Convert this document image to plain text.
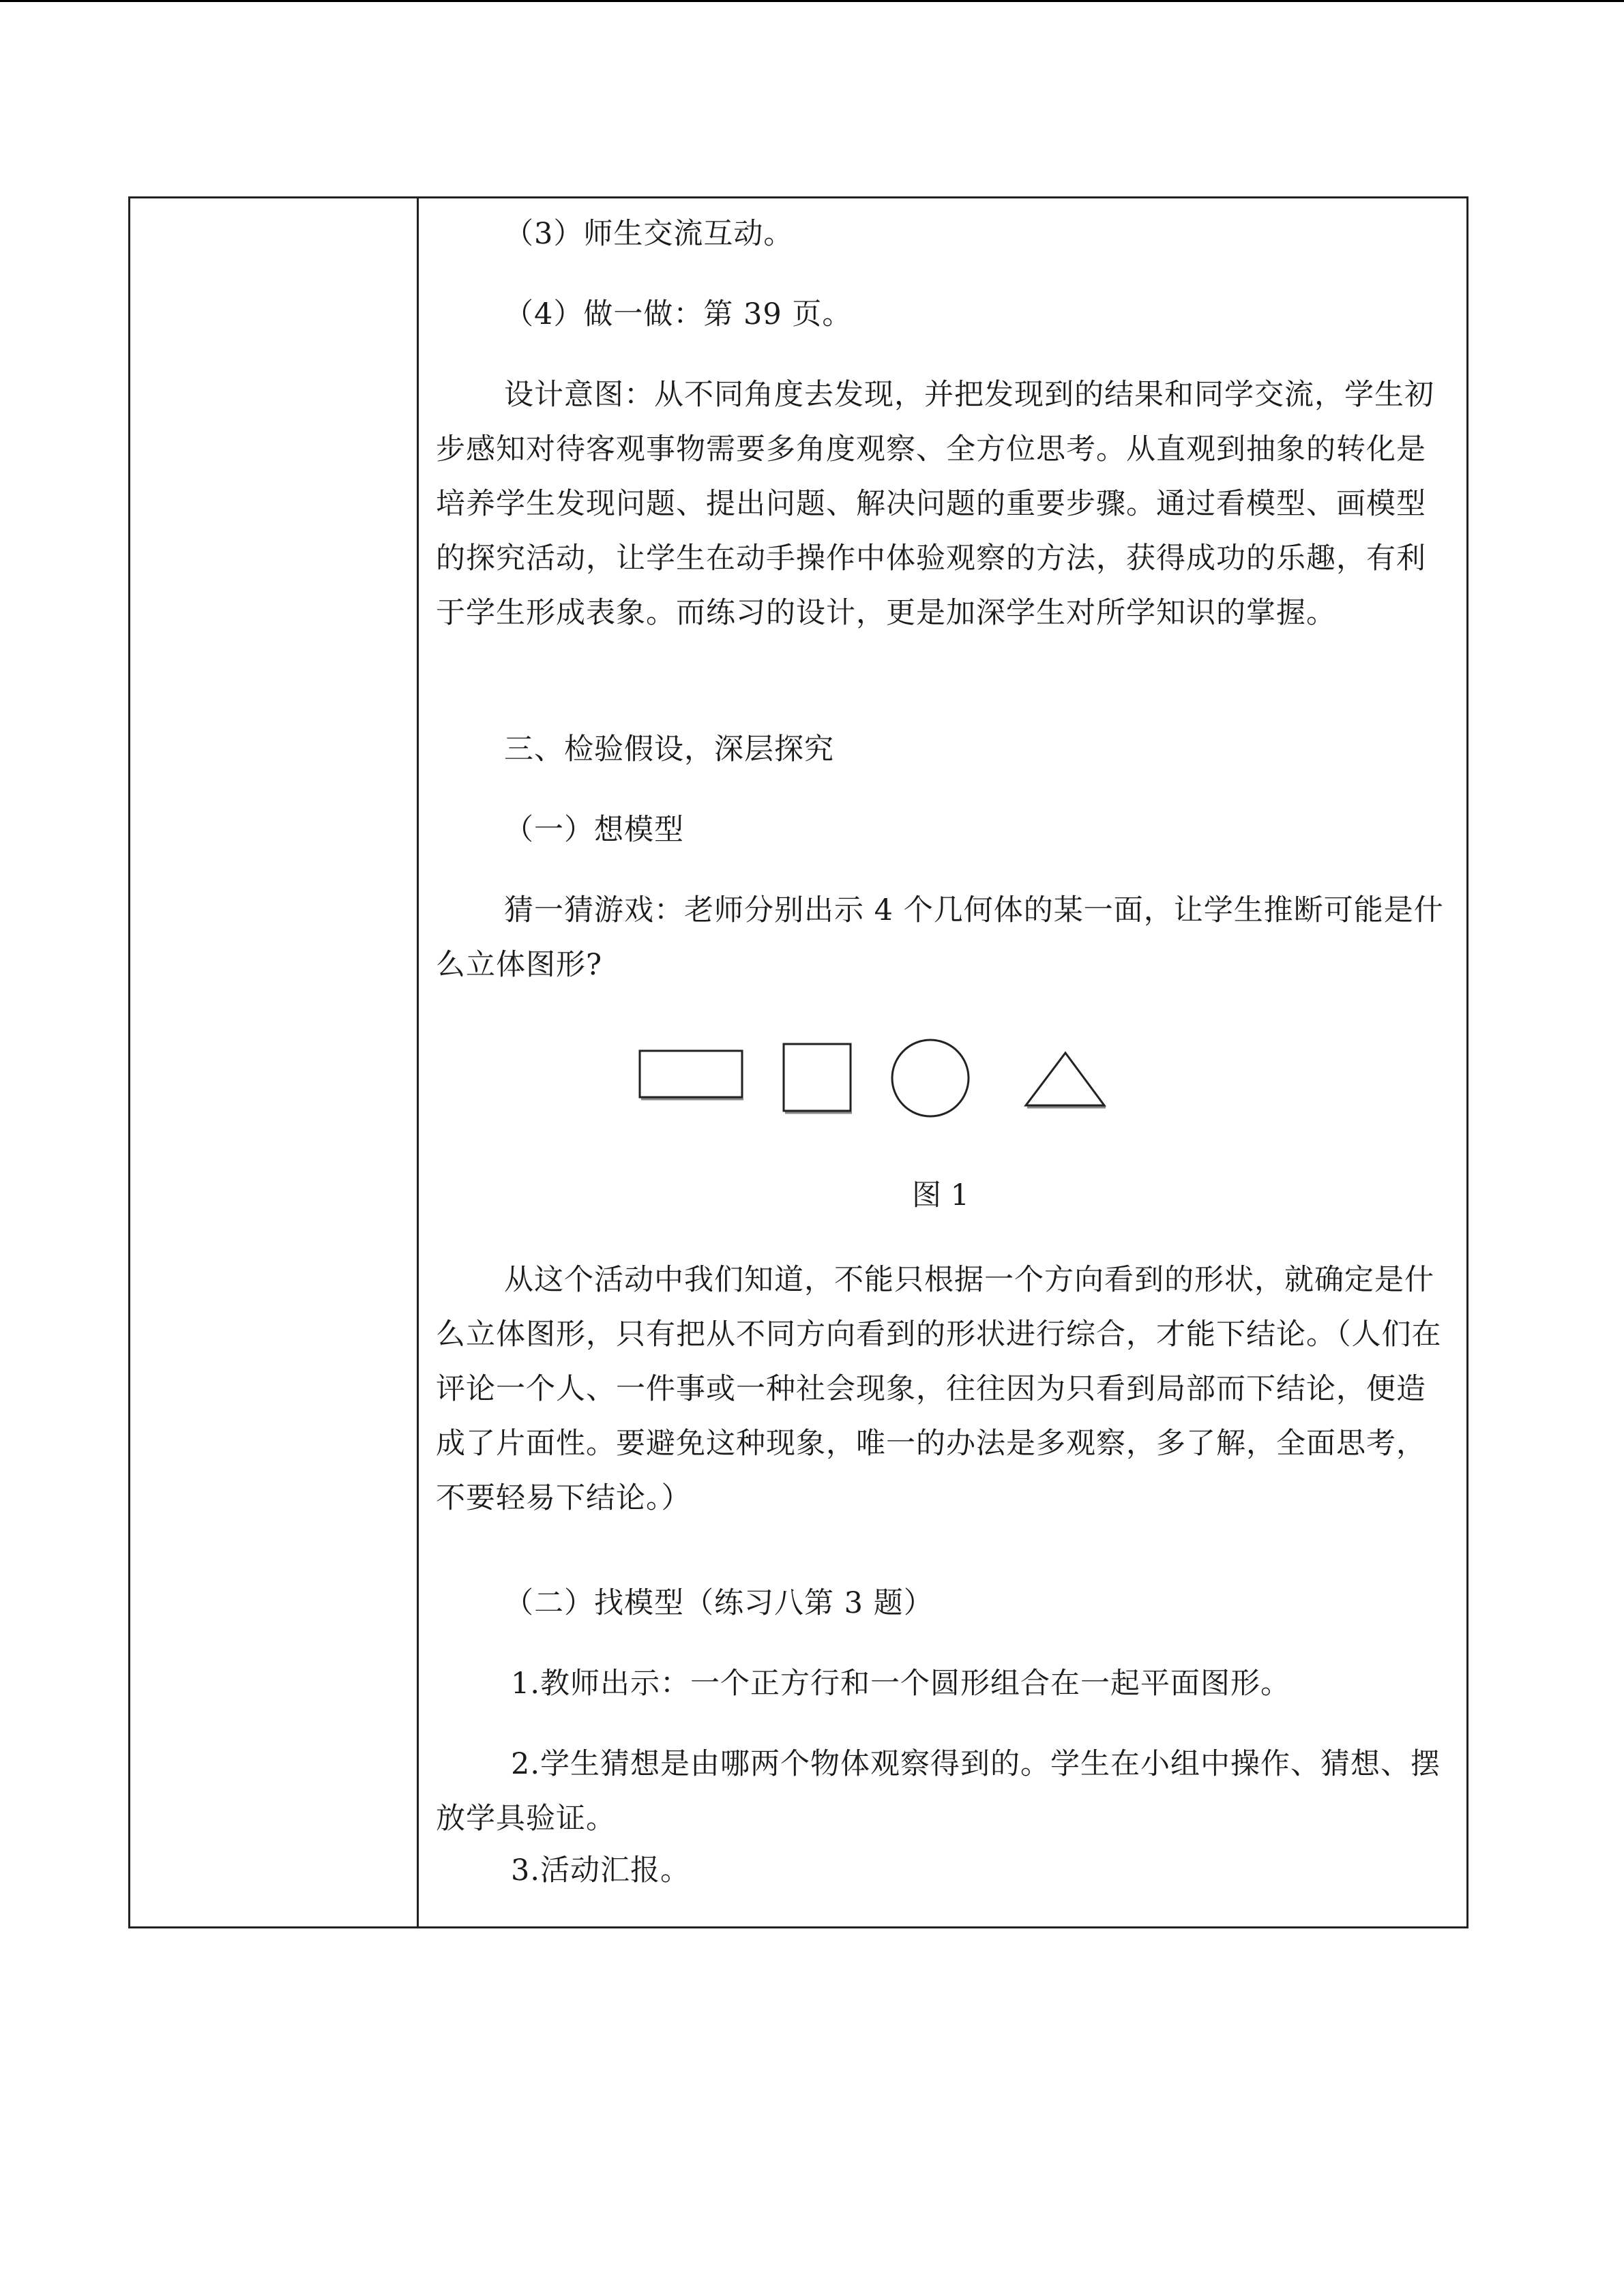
（3）师生交流互动。

（4）做一做：第 39 页。

设计意图：从不同角度去发现，并把发现到的结果和同学交流，学生初步感知对待客观事物需要多角度观察、全方位思考。从直观到抽象的转化是培养学生发现问题、提出问题、解决问题的重要步骤。通过看模型、画模型的探究活动，让学生在动手操作中体验观察的方法，获得成功的乐趣，有利于学生形成表象。而练习的设计，更是加深学生对所学知识的掌握。

三、检验假设，深层探究

（一）想模型

猜一猜游戏：老师分别出示 4 个几何体的某一面，让学生推断可能是什么立体图形?

图 1

从这个活动中我们知道，不能只根据一个方向看到的形状，就确定是什么立体图形，只有把从不同方向看到的形状进行综合，才能下结论。（人们在评论一个人、一件事或一种社会现象，往往因为只看到局部而下结论，便造成了片面性。要避免这种现象，唯一的办法是多观察，多了解，全面思考，不要轻易下结论。）

（二）找模型（练习八第 3 题）

1.教师出示：一个正方行和一个圆形组合在一起平面图形。

2.学生猜想是由哪两个物体观察得到的。学生在小组中操作、猜想、摆放学具验证。

3.活动汇报。
